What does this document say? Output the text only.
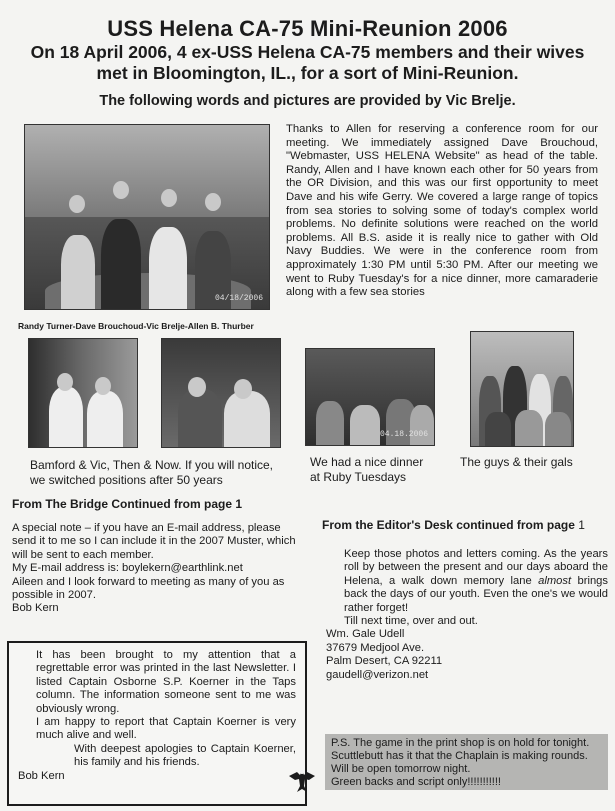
USS Helena CA-75 Mini-Reunion 2006
On 18 April 2006, 4 ex-USS Helena CA-75 members and their wives
met in Bloomington, IL., for a sort of Mini-Reunion.
The following words and pictures are provided by Vic Brelje.
04/18/2006
Randy Turner-Dave Brouchoud-Vic Brelje-Allen B. Thurber
Thanks to Allen for reserving a conference room for our meeting. We immediately assigned Dave Brouchoud, "Webmaster, USS HELENA Website" as head of the table. Randy, Allen and I have known each other for 50 years from the OR Division, and this was our first opportunity to meet Dave and his wife Gerry. We covered a large range of topics from sea stories to solving some of today's complex world problems. No definite solutions were reached on the world problems. All B.S. aside it is really nice to gather with Old Navy Buddies. We were in the conference room from approximately 1:30 PM until 5:30 PM. After our meeting we went to Ruby Tuesday's for a nice dinner, more camaraderie along with a few sea stories
04.18.2006
Bamford & Vic, Then & Now. If you will notice, we switched positions after 50 years
We had a nice dinner at Ruby Tuesdays
The guys & their gals
From The Bridge Continued from page 1
A special note – if you have an E-mail address, please send it to me so I can include it in the 2007 Muster, which will be sent to each member.
My E-mail address is: boylekern@earthlink.net
Aileen and I look forward to meeting as many of you as possible in 2007.
Bob Kern
From the Editor's Desk continued from page 1
Keep those photos and letters coming. As the years roll by between the present and our days aboard the Helena, a walk down memory lane almost brings back the days of our youth. Even the one's we would rather forget!
Till next time, over and out.
Wm. Gale Udell
37679 Medjool Ave.
Palm Desert, CA 92211
gaudell@verizon.net
It has been brought to my attention that a regrettable error was printed in the last Newsletter. I listed Captain Osborne S.P. Koerner in the Taps column. The information someone sent to me was obviously wrong.
I am happy to report that Captain Koerner is very much alive and well.
With deepest apologies to Captain Koerner, his family and his friends.
Bob Kern
P.S. The game in the print shop is on hold for tonight. Scuttlebutt has it that the Chaplain is making rounds. Will be open tomorrow night.
Green backs and script only!!!!!!!!!!!
